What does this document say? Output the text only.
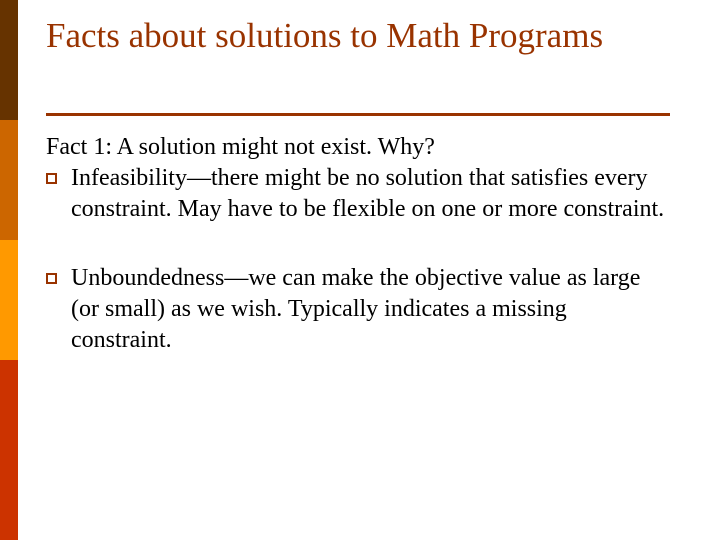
Facts about solutions to Math Programs

Fact 1: A solution might not exist. Why?

Infeasibility—there might be no solution that satisfies every constraint. May have to be flexible on one or more constraint.
Unboundedness—we can make the objective value as large (or small) as we wish. Typically indicates a missing constraint.
